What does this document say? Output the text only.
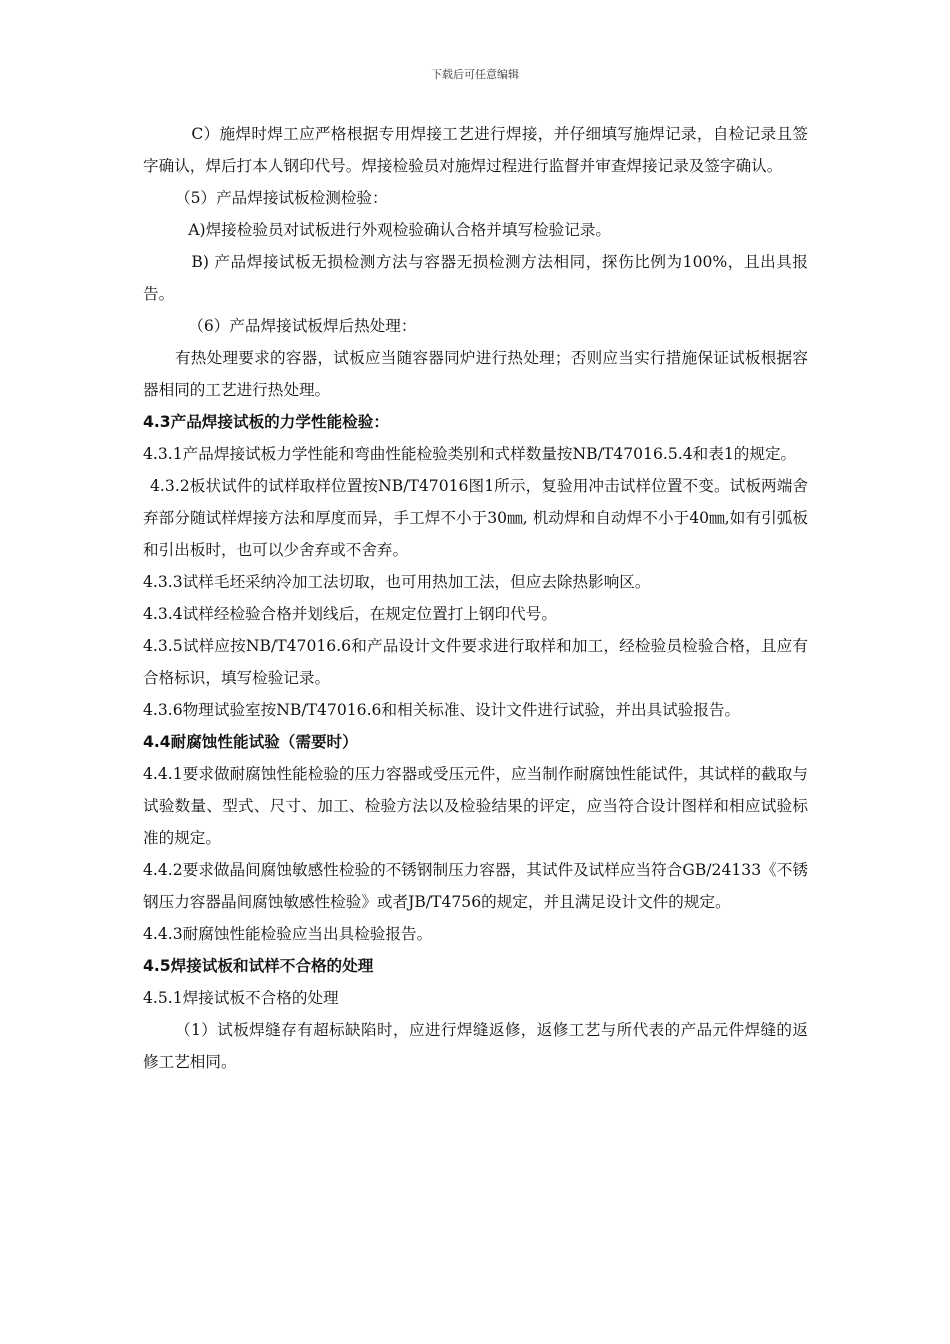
下载后可任意编辑

C）施焊时焊工应严格根据专用焊接工艺进行焊接，并仔细填写施焊记录，自检记录且签字确认，焊后打本人钢印代号。焊接检验员对施焊过程进行监督并审查焊接记录及签字确认。

（5）产品焊接试板检测检验：

A)焊接检验员对试板进行外观检验确认合格并填写检验记录。

B) 产品焊接试板无损检测方法与容器无损检测方法相同，探伤比例为100%，且出具报告。

（6）产品焊接试板焊后热处理：

有热处理要求的容器，试板应当随容器同炉进行热处理；否则应当实行措施保证试板根据容器相同的工艺进行热处理。

4.3产品焊接试板的力学性能检验：

4.3.1产品焊接试板力学性能和弯曲性能检验类别和式样数量按NB/T47016.5.4和表1的规定。

4.3.2板状试件的试样取样位置按NB/T47016图1所示，复验用冲击试样位置不变。试板两端舍弃部分随试样焊接方法和厚度而异，手工焊不小于30㎜, 机动焊和自动焊不小于40㎜,如有引弧板和引出板时，也可以少舍弃或不舍弃。

4.3.3试样毛坯采纳冷加工法切取，也可用热加工法，但应去除热影响区。

4.3.4试样经检验合格并划线后，在规定位置打上钢印代号。

4.3.5试样应按NB/T47016.6和产品设计文件要求进行取样和加工，经检验员检验合格，且应有合格标识，填写检验记录。

4.3.6物理试验室按NB/T47016.6和相关标准、设计文件进行试验，并出具试验报告。

4.4耐腐蚀性能试验（需要时）

4.4.1要求做耐腐蚀性能检验的压力容器或受压元件，应当制作耐腐蚀性能试件，其试样的截取与试验数量、型式、尺寸、加工、检验方法以及检验结果的评定，应当符合设计图样和相应试验标准的规定。

4.4.2要求做晶间腐蚀敏感性检验的不锈钢制压力容器，其试件及试样应当符合GB/24133《不锈钢压力容器晶间腐蚀敏感性检验》或者JB/T4756的规定，并且满足设计文件的规定。

4.4.3耐腐蚀性能检验应当出具检验报告。

4.5焊接试板和试样不合格的处理

4.5.1焊接试板不合格的处理

（1）试板焊缝存有超标缺陷时，应进行焊缝返修，返修工艺与所代表的产品元件焊缝的返修工艺相同。
